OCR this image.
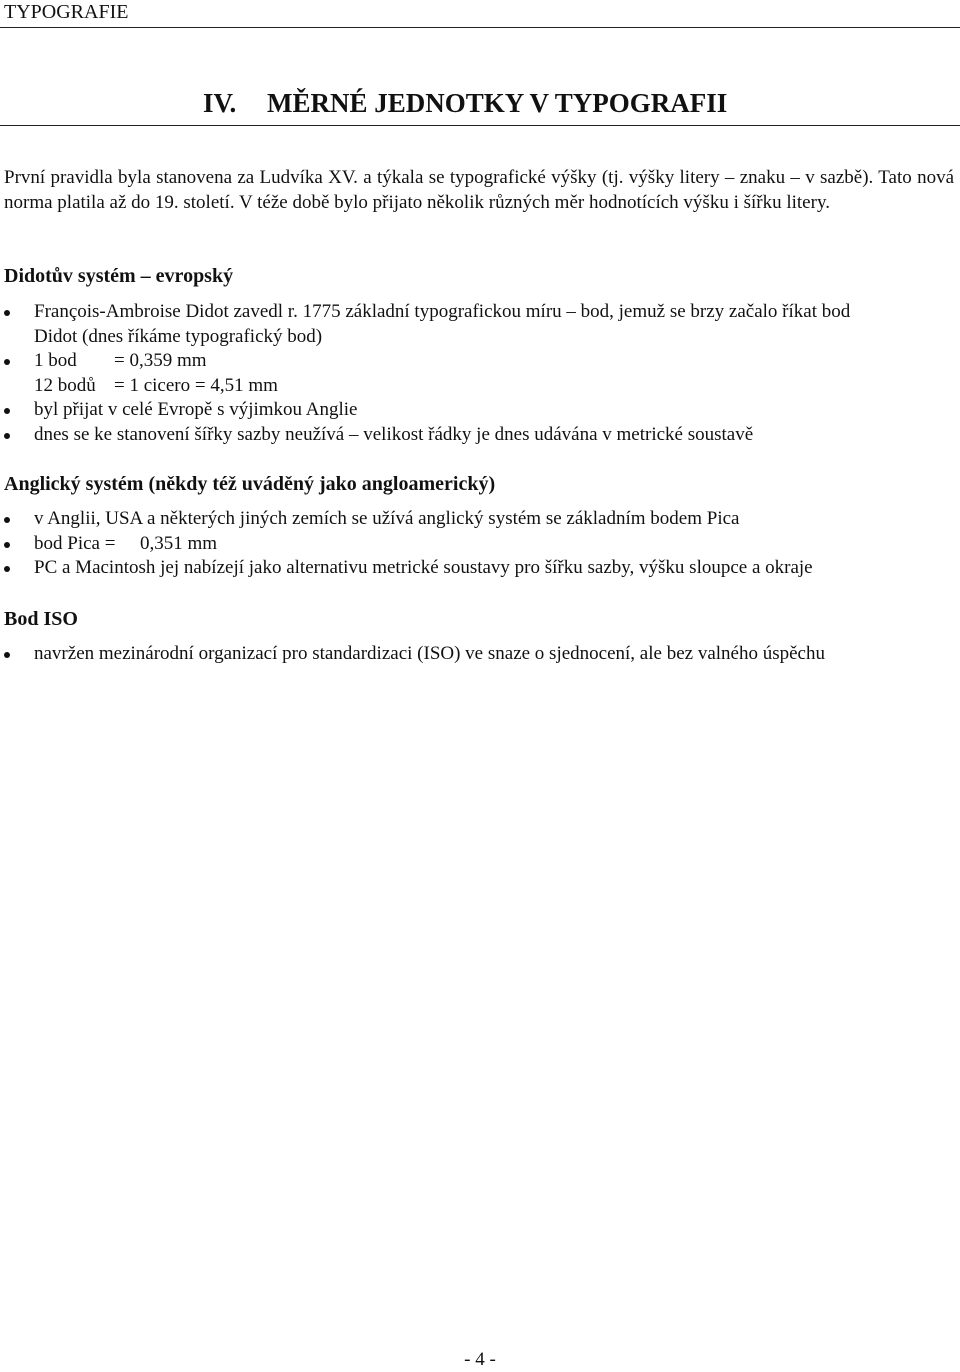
TYPOGRAFIE
IV. MĚRNÉ JEDNOTKY V TYPOGRAFII
První pravidla byla stanovena za Ludvíka XV. a týkala se typografické výšky (tj. výšky litery – znaku – v sazbě). Tato nová norma platila až do 19. století. V téže době bylo přijato několik různých měr hodnotících výšku i šířku litery.
Didotův systém – evropský
François-Ambroise Didot zavedl r. 1775 základní typografickou míru – bod, jemuž se brzy začalo říkat bod
Didot (dnes říkáme typografický bod)
1 bod = 0,359 mm
12 bodů = 1 cicero = 4,51 mm
byl přijat v celé Evropě s výjimkou Anglie
dnes se ke stanovení šířky sazby neužívá – velikost řádky je dnes udávána v metrické soustavě
Anglický systém (někdy též uváděný jako angloamerický)
v Anglii, USA a některých jiných zemích se užívá anglický systém se základním bodem Pica
bod Pica = 0,351 mm
PC a Macintosh jej nabízejí jako alternativu metrické soustavy pro šířku sazby, výšku sloupce a okraje
Bod ISO
navržen mezinárodní organizací pro standardizaci (ISO) ve snaze o sjednocení, ale bez valného úspěchu
- 4 -
